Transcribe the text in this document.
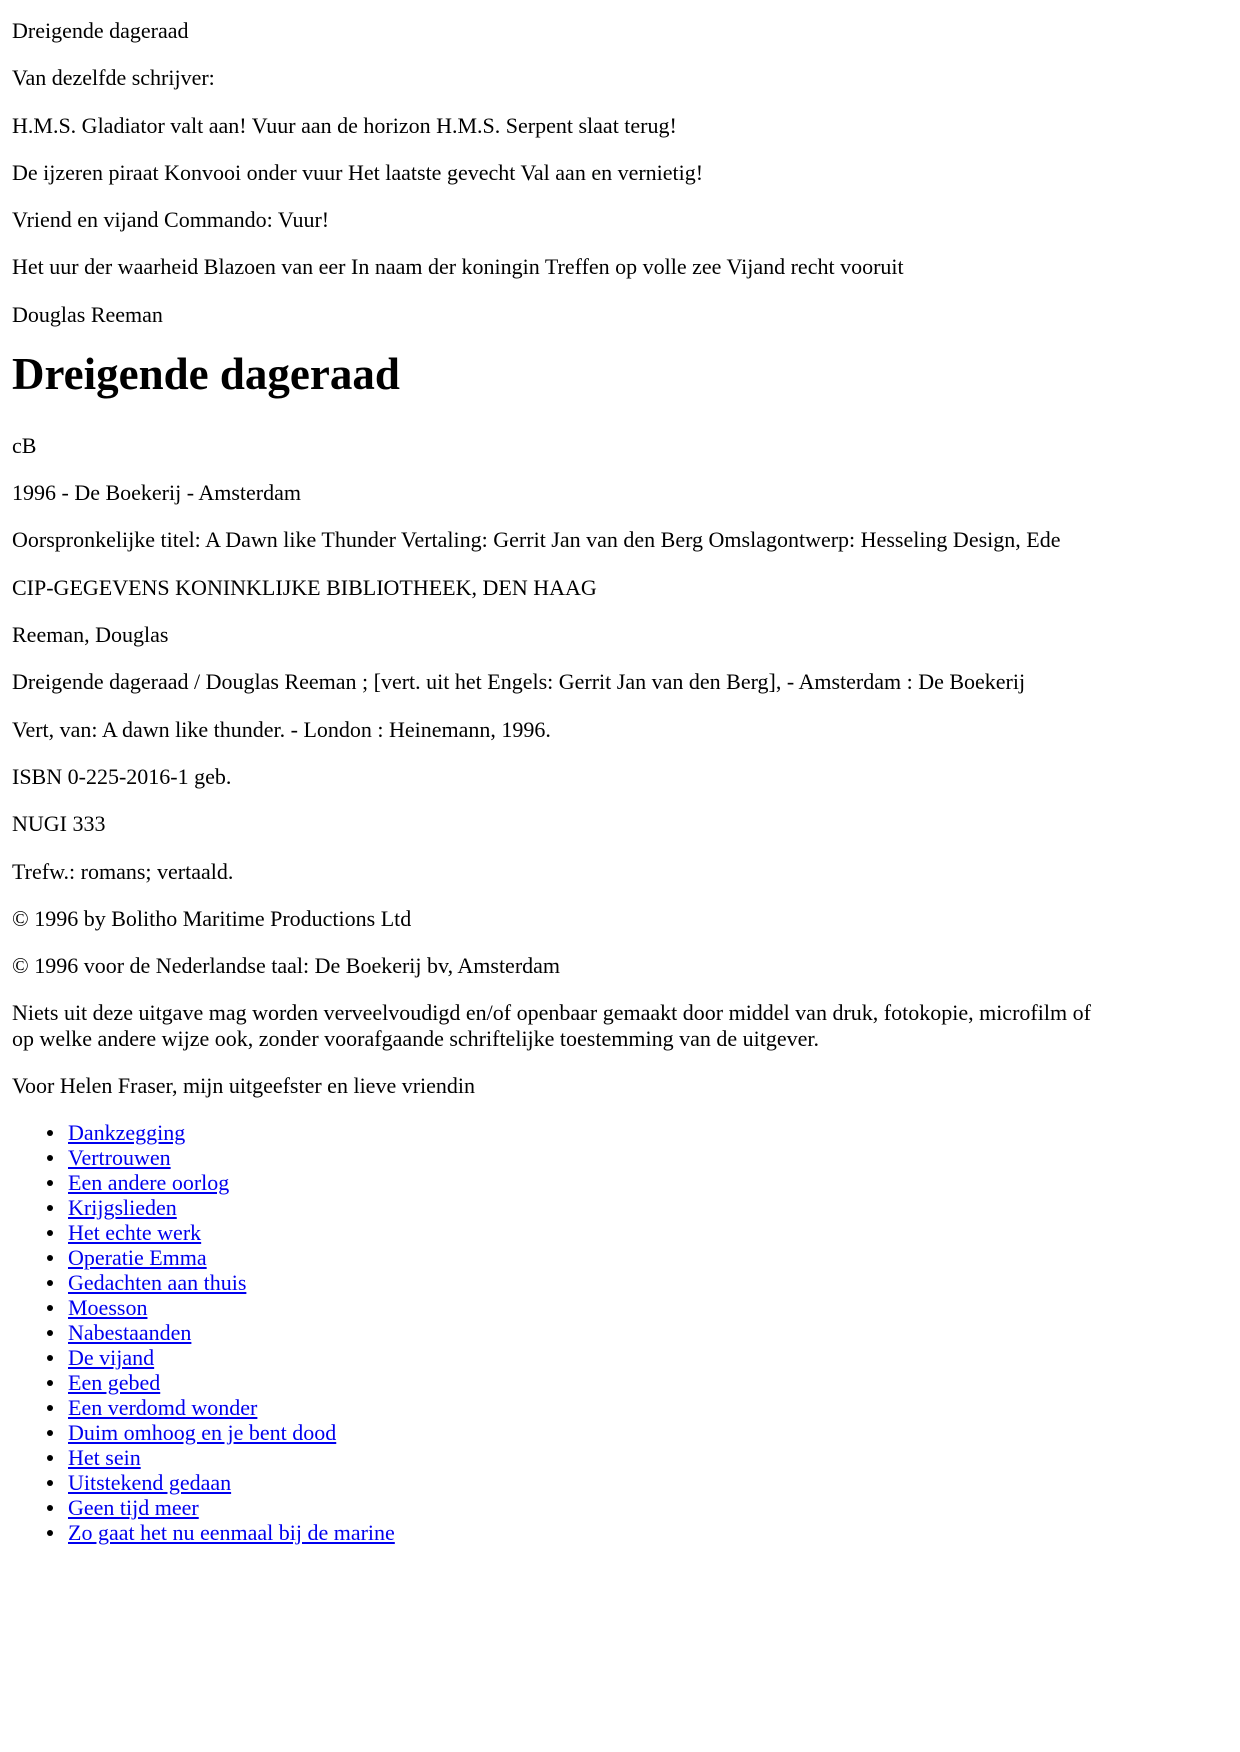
Dreigende dageraad

Van dezelfde schrijver:

H.M.S. Gladiator valt aan! Vuur aan de horizon H.M.S. Serpent slaat terug!

De ijzeren piraat Konvooi onder vuur Het laatste gevecht Val aan en vernietig!

Vriend en vijand Commando: Vuur!

Het uur der waarheid Blazoen van eer In naam der koningin Treffen op volle zee Vijand recht vooruit

Douglas Reeman

Dreigende dageraad

cB

1996 - De Boekerij - Amsterdam

Oorspronkelijke titel: A Dawn like Thunder Vertaling: Gerrit Jan van den Berg Omslagontwerp: Hesseling Design, Ede

CIP-GEGEVENS KONINKLIJKE BIBLIOTHEEK, DEN HAAG

Reeman, Douglas

Dreigende dageraad / Douglas Reeman ; [vert. uit het Engels: Gerrit Jan van den Berg], - Amsterdam : De Boekerij

Vert, van: A dawn like thunder. - London : Heinemann, 1996.

ISBN 0-225-2016-1 geb.

NUGI 333

Trefw.: romans; vertaald.

© 1996 by Bolitho Maritime Productions Ltd

© 1996 voor de Nederlandse taal: De Boekerij bv, Amsterdam

Niets uit deze uitgave mag worden verveelvoudigd en/of openbaar gemaakt door middel van druk, fotokopie, microfilm of op welke andere wijze ook, zonder voorafgaande schriftelijke toestemming van de uitgever.

Voor Helen Fraser, mijn uitgeefster en lieve vriendin

Dankzegging
Vertrouwen
Een andere oorlog
Krijgslieden
Het echte werk
Operatie Emma
Gedachten aan thuis
Moesson
Nabestaanden
De vijand
Een gebed
Een verdomd wonder
Duim omhoog en je bent dood
Het sein
Uitstekend gedaan
Geen tijd meer
Zo gaat het nu eenmaal bij de marine
